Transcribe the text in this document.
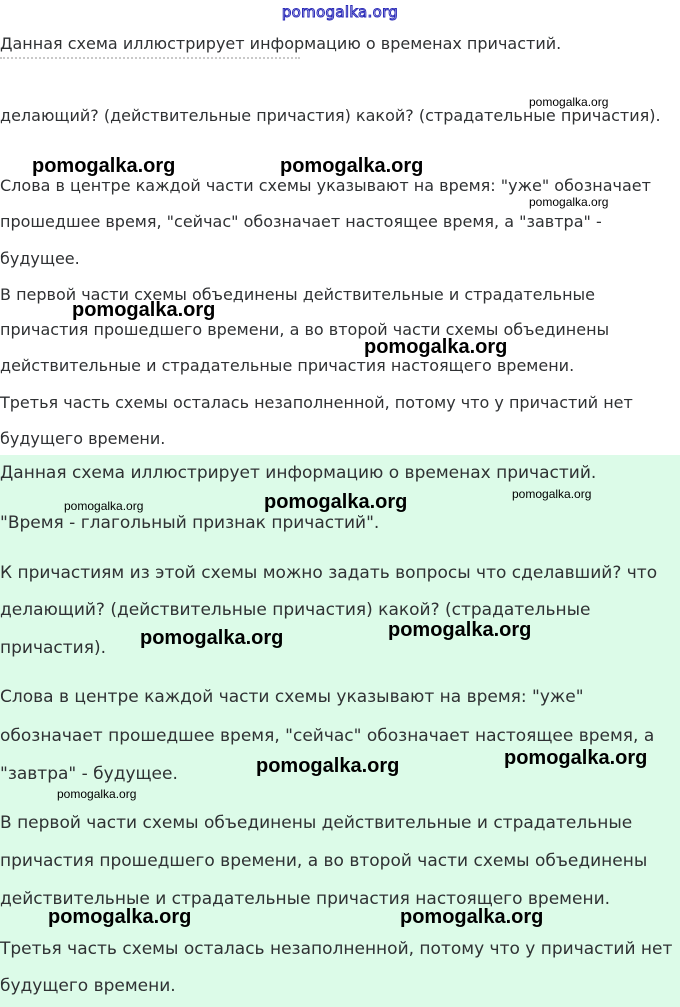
pomogalka.org
Данная схема иллюстрирует информацию о временах причастий.
делающий? (действительные причастия) какой? (страдательные причастия).
Слова в центре каждой части схемы указывают на время: "уже" обозначает
прошедшее время, "сейчас" обозначает настоящее время, а "завтра" -
будущее.
В первой части схемы объединены действительные и страдательные
причастия прошедшего времени, а во второй части схемы объединены
действительные и страдательные причастия настоящего времени.
Третья часть схемы осталась незаполненной, потому что у причастий нет
будущего времени.
Данная схема иллюстрирует информацию о временах причастий.
"Время - глагольный признак причастий".
К причастиям из этой схемы можно задать вопросы что сделавший? что
делающий? (действительные причастия) какой? (страдательные
причастия).
Слова в центре каждой части схемы указывают на время: "уже"
обозначает прошедшее время, "сейчас" обозначает настоящее время, а
"завтра" - будущее.
В первой части схемы объединены действительные и страдательные
причастия прошедшего времени, а во второй части схемы объединены
действительные и страдательные причастия настоящего времени.
Третья часть схемы осталась незаполненной, потому что у причастий нет
будущего времени.
pomogalka.org
pomogalka.org	pomogalka.org
pomogalka.org
pomogalka.org
pomogalka.org
pomogalka.org
pomogalka.org
pomogalka.org
pomogalka.org
pomogalka.org
pomogalka.org
pomogalka.org
pomogalka.org
pomogalka.org	pomogalka.org
